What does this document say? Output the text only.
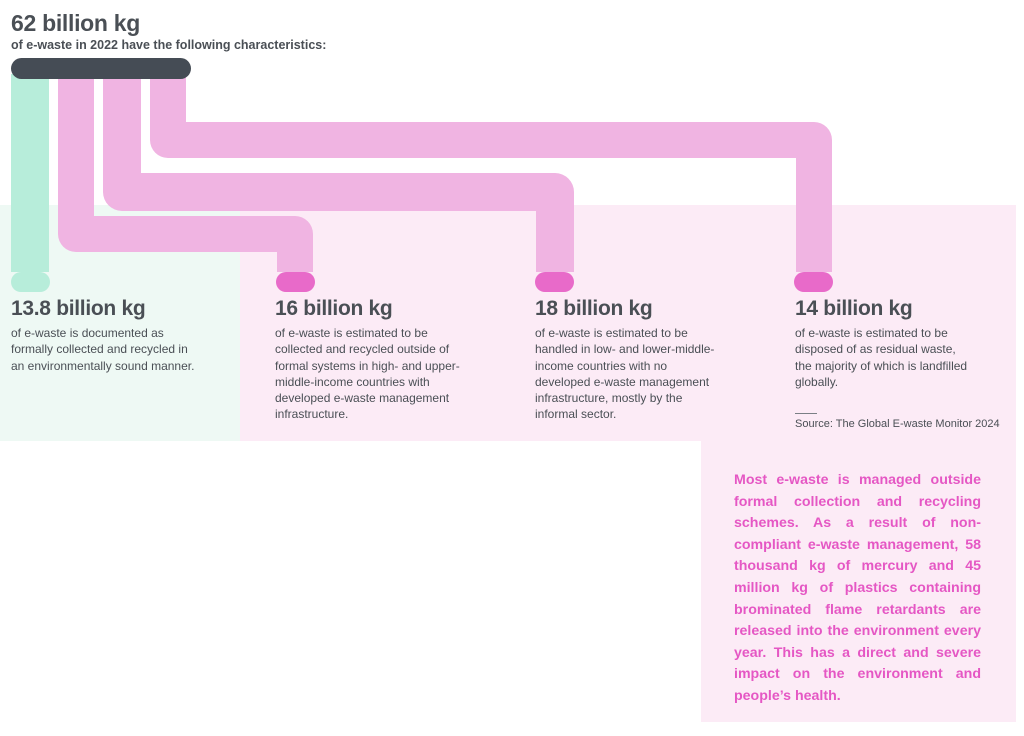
62 billion kg
of e-waste in 2022 have the following characteristics:
13.8 billion kg
of e-waste is documented as formally collected and recycled in an environmentally sound manner.
16 billion kg
of e-waste is estimated to be collected and recycled outside of formal systems in high- and upper-middle-income countries with developed e-waste management infrastructure.
18 billion kg
of e-waste is estimated to be handled in low- and lower-middle-income countries with no developed e-waste management infrastructure, mostly by the informal sector.
14 billion kg
of e-waste is estimated to be disposed of as residual waste, the majority of which is landfilled globally.
Source: The Global E-waste Monitor 2024
Most e-waste is managed outside formal collection and recycling schemes. As a result of non-compliant e-waste management, 58 thousand kg of mercury and 45 million kg of plastics containing brominated flame retardants are released into the environment every year. This has a direct and severe impact on the environment and people’s health.
